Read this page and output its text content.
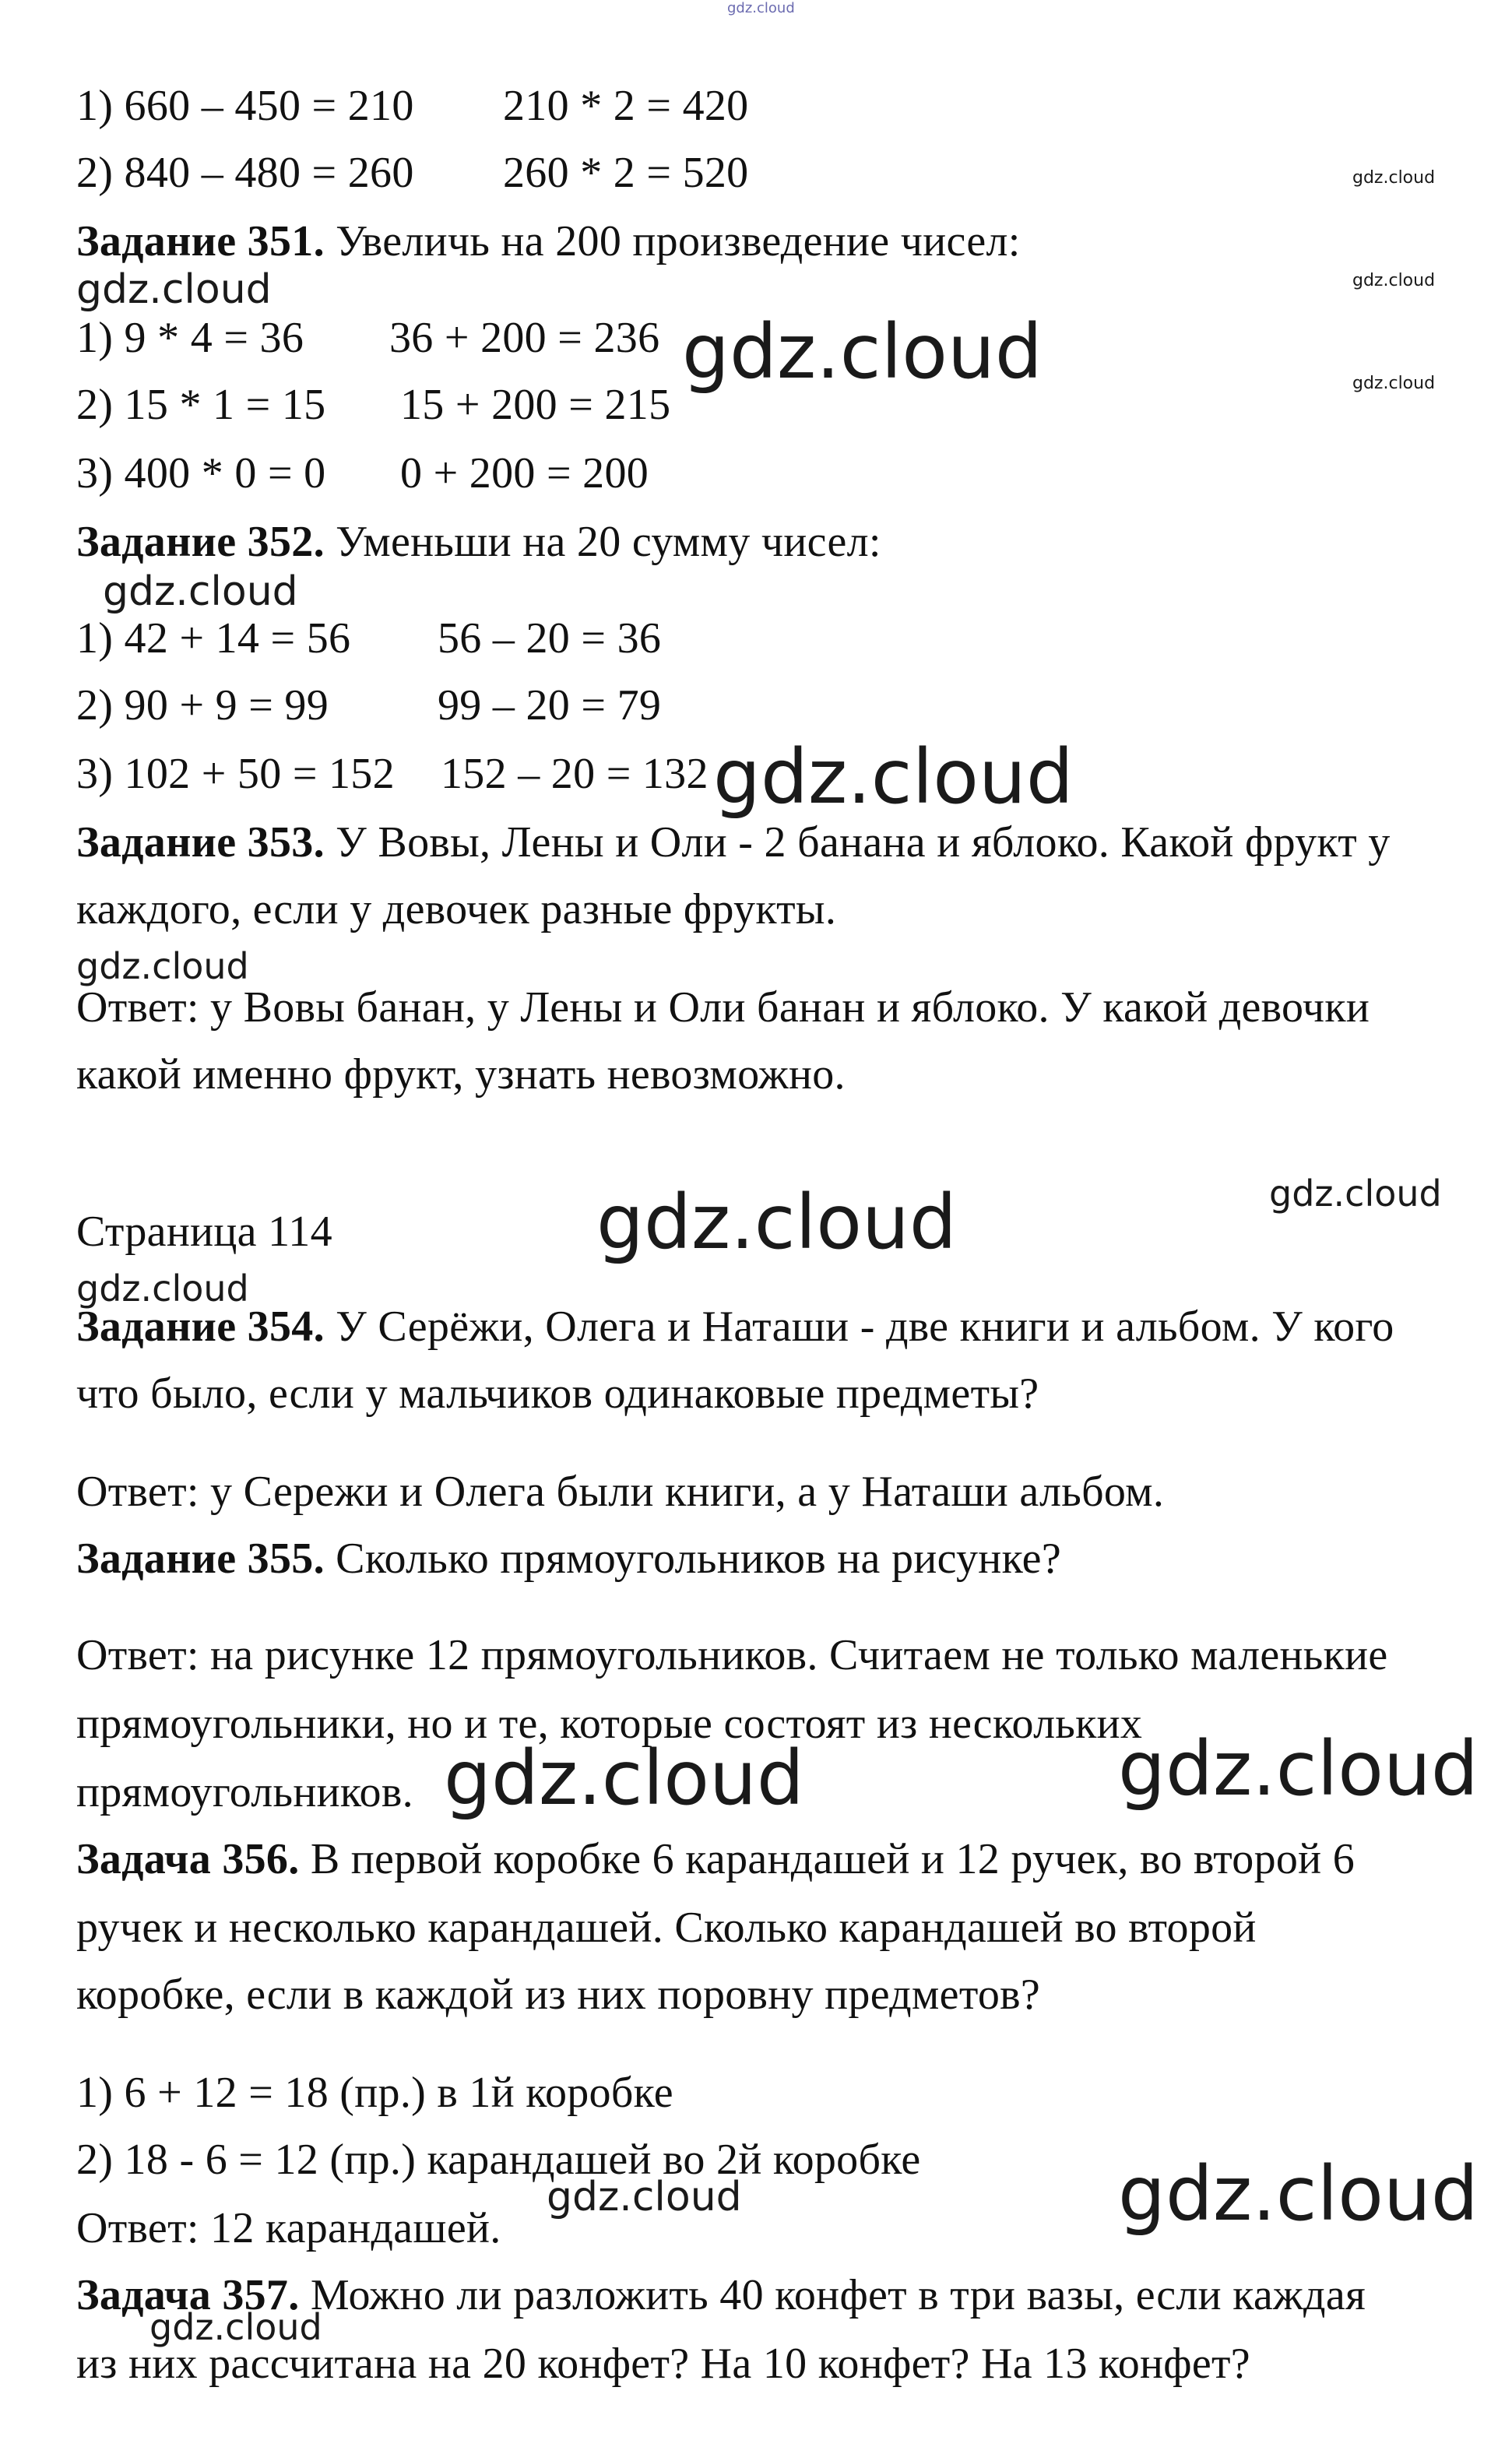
gdz.cloud
gdz.cloud
gdz.cloud
gdz.cloud
gdz.cloud
gdz.cloud
gdz.cloud
gdz.cloud
gdz.cloud
gdz.cloud
gdz.cloud
gdz.cloud
gdz.cloud	gdz.cloud
gdz.cloud	gdz.cloud
gdz.cloud
1) 660 – 450 = 210 210 * 2 = 420
2) 840 – 480 = 260 260 * 2 = 520
Задание 351. Увеличь на 200 произведение чисел:
1) 9 * 4 = 36 36 + 200 = 236
2) 15 * 1 = 15 15 + 200 = 215
3) 400 * 0 = 0 0 + 200 = 200
Задание 352. Уменьши на 20 сумму чисел:
1) 42 + 14 = 56 56 – 20 = 36
2) 90 + 9 = 99 99 – 20 = 79
3) 102 + 50 = 152 152 – 20 = 132
Задание 353. У Вовы, Лены и Оли - 2 банана и яблоко. Какой фрукт у
каждого, если у девочек разные фрукты.
Ответ: у Вовы банан, у Лены и Оли банан и яблоко. У какой девочки
какой именно фрукт, узнать невозможно.
Страница 114
Задание 354. У Серёжи, Олега и Наташи - две книги и альбом. У кого
что было, если у мальчиков одинаковые предметы?
Ответ: у Сережи и Олега были книги, а у Наташи альбом.
Задание 355. Сколько прямоугольников на рисунке?
Ответ: на рисунке 12 прямоугольников. Считаем не только маленькие
прямоугольники, но и те, которые состоят из нескольких
прямоугольников.
Задача 356. В первой коробке 6 карандашей и 12 ручек, во второй 6
ручек и несколько карандашей. Сколько карандашей во второй
коробке, если в каждой из них поровну предметов?
1) 6 + 12 = 18 (пр.) в 1й коробке
2) 18 - 6 = 12 (пр.) карандашей во 2й коробке
Ответ: 12 карандашей.
Задача 357. Можно ли разложить 40 конфет в три вазы, если каждая
из них рассчитана на 20 конфет? На 10 конфет? На 13 конфет?
